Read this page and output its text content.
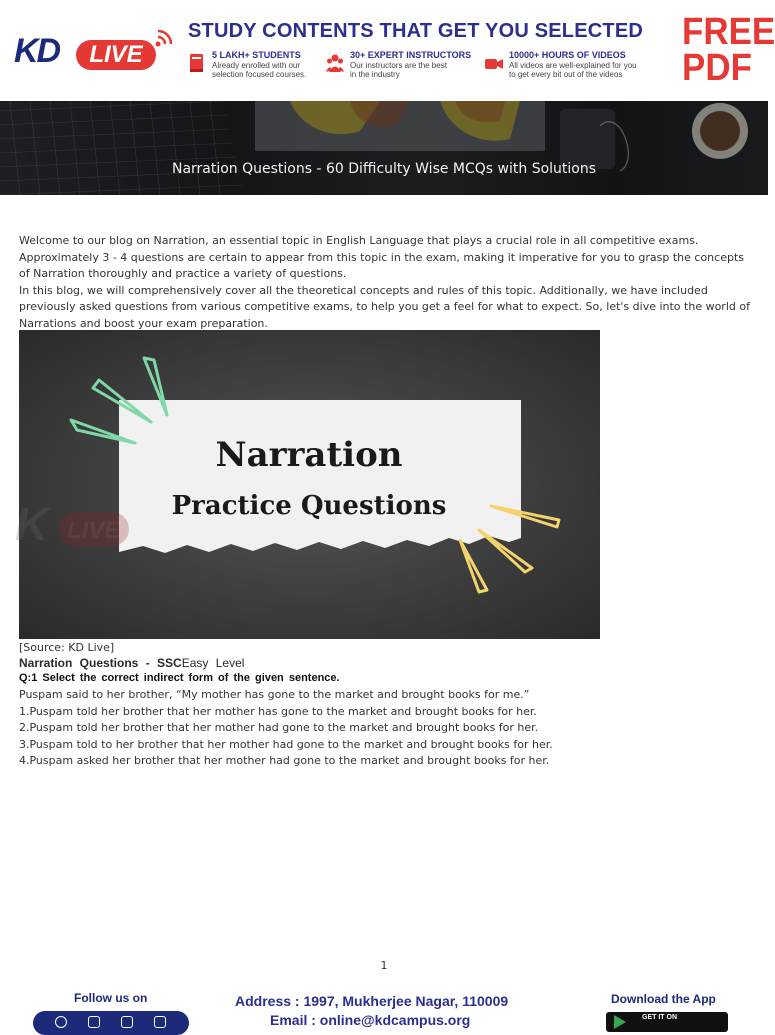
KD	LIVE
STUDY CONTENTS THAT GET YOU SELECTED
5 LAKH+ STUDENTS
Already enrolled with our
selection focused courses.
30+ EXPERT INSTRUCTORS
Our instructors are the best
in the industry
10000+ HOURS OF VIDEOS
All videos are well-explained for you
to get every bit out of the videos
FREE
PDF
Narration Questions - 60 Difficulty Wise MCQs with Solutions

Welcome to our blog on Narration, an essential topic in English Language that plays a crucial role in all competitive exams. Approximately 3 - 4 questions are certain to appear from this topic in the exam, making it imperative for you to grasp the concepts of Narration thoroughly and practice a variety of questions.

In this blog, we will comprehensively cover all the theoretical concepts and rules of this topic. Additionally, we have included previously asked questions from various competitive exams, to help you get a feel for what to expect. So, let's dive into the world of Narrations and boost your exam preparation.

K LIVE
Narration
Practice Questions
[Source: KD Live]
Narration Questions - SSCEasy Level
Q:1 Select the correct indirect form of the given sentence.
Puspam said to her brother, “My mother has gone to the market and brought books for me.”
1.Puspam told her brother that her mother has gone to the market and brought books for her.
2.Puspam told her brother that her mother had gone to the market and brought books for her.
3.Puspam told to her brother that her mother had gone to the market and brought books for her.
4.Puspam asked her brother that her mother had gone to the market and brought books for her.
1
Follow us on	Address : 1997, Mukherjee Nagar, 110009
Email : online@kdcampus.org
Download the App
GET IT ON
